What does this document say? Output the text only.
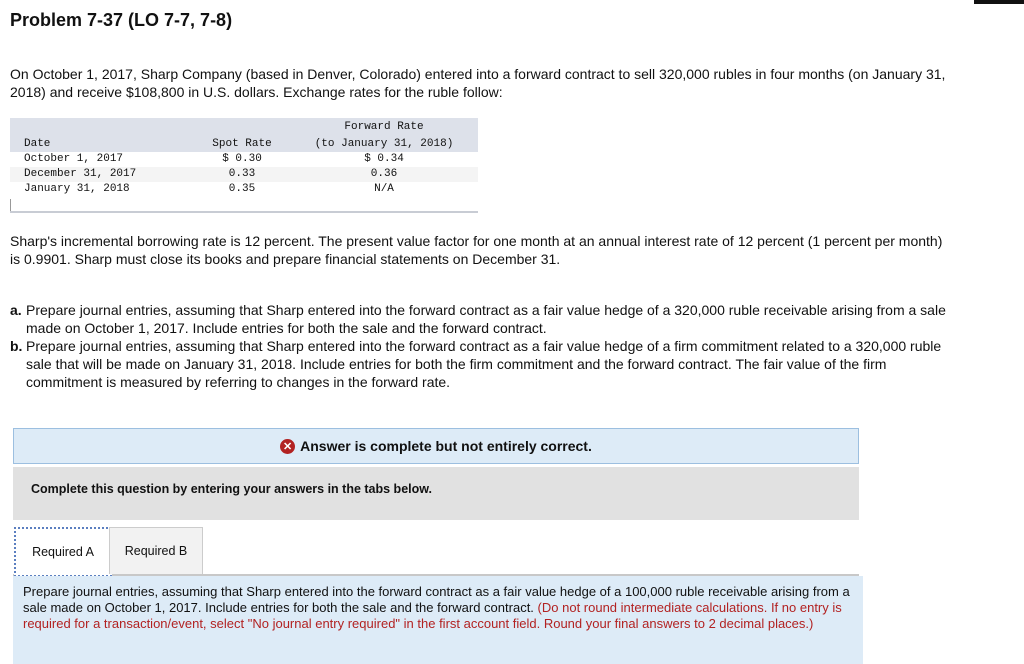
Problem 7-37 (LO 7-7, 7-8)
On October 1, 2017, Sharp Company (based in Denver, Colorado) entered into a forward contract to sell 320,000 rubles in four months (on January 31, 2018) and receive $108,800 in U.S. dollars. Exchange rates for the ruble follow:
Forward Rate
Date	Spot Rate	(to January 31, 2018)
October 1, 2017	$ 0.30	$ 0.34
December 31, 2017	0.33	0.36
January 31, 2018	0.35	N/A
Sharp's incremental borrowing rate is 12 percent. The present value factor for one month at an annual interest rate of 12 percent (1 percent per month) is 0.9901. Sharp must close its books and prepare financial statements on December 31.
a. Prepare journal entries, assuming that Sharp entered into the forward contract as a fair value hedge of a 320,000 ruble receivable arising from a sale made on October 1, 2017. Include entries for both the sale and the forward contract.
b. Prepare journal entries, assuming that Sharp entered into the forward contract as a fair value hedge of a firm commitment related to a 320,000 ruble sale that will be made on January 31, 2018. Include entries for both the firm commitment and the forward contract. The fair value of the firm commitment is measured by referring to changes in the forward rate.
✕ Answer is complete but not entirely correct.
Complete this question by entering your answers in the tabs below.
Required A	Required B
Prepare journal entries, assuming that Sharp entered into the forward contract as a fair value hedge of a 100,000 ruble receivable arising from a sale made on October 1, 2017. Include entries for both the sale and the forward contract. (Do not round intermediate calculations. If no entry is required for a transaction/event, select "No journal entry required" in the first account field. Round your final answers to 2 decimal places.)
